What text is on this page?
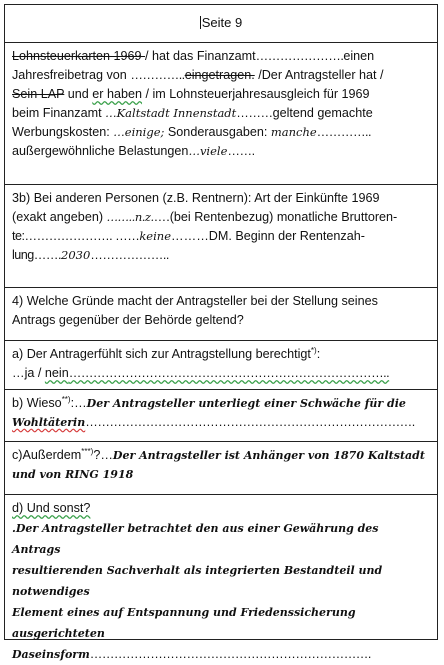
Seite 9
Lohnsteuerkarten 1969 / hat das Finanzamt………………….einen
Jahresfreibetrag von …………..eingetragen. /Der Antragsteller hat /
Sein LAP und er haben / im Lohnsteuerjahresausgleich für 1969
beim Finanzamt …Kaltstadt Innenstadt………geltend gemachte
Werbungskosten: …einige; Sonderausgaben: manche…………..
außergewöhnliche Belastungen…viele…….
3b) Bei anderen Personen (z.B. Rentnern): Art der Einkünfte 1969
(exakt angeben) ……..n.z.….(bei Rentenbezug) monatliche Bruttoren-
te:…………………. ……keine………DM. Beginn der Rentenzah-
lung…….2030………………..
4) Welche Gründe macht der Antragsteller bei der Stellung seines
Antrags gegenüber der Behörde geltend?
a) Der Antragerfühlt sich zur Antragstellung berechtigt*):
…ja / nein……………………………………………………………………..
b) Wieso**):…Der Antragsteller unterliegt einer Schwäche für die
Wohltäterin……………………………………………………………………….
c)Außerdem***)?…Der Antragsteller ist Anhänger von 1870 Kaltstadt
und von RING 1918
d) Und sonst?
.Der Antragsteller betrachtet den aus einer Gewährung des Antrags
resultierenden Sachverhalt als integrierten Bestandteil und notwendiges
Element eines auf Entspannung und Friedenssicherung ausgerichteten
Daseinsform…………………………………………………………….
